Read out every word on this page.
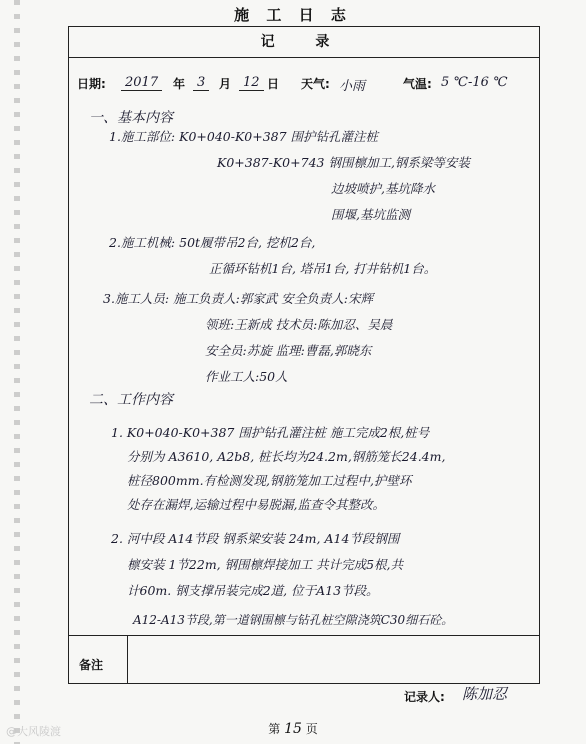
施 工 日 志
记 录
日期:	2017	年 3	月 12 日 天气: 小雨	气温: 5 ℃-16 ℃
一、基本内容
1.施工部位: K0+040-K0+387 围护钻孔灌注桩
K0+387-K0+743 钢围檩加工,钢系梁等安装
边坡喷护,基坑降水
围堰,基坑监测
2.施工机械: 50t履带吊2台, 挖机2台,
正循环钻机1台, 塔吊1台, 打井钻机1台。
3.施工人员: 施工负责人:郭家武 安全负责人:宋辉
领班:王新成 技术员:陈加忍、吴晨
安全员:苏旋 监理:曹磊,郭晓东
作业工人:50人
二、工作内容
1. K0+040-K0+387 围护钻孔灌注桩 施工完成2根,桩号
分别为 A3610, A2b8, 桩长均为24.2m,钢筋笼长24.4m,
桩径800mm.有检测发现,钢筋笼加工过程中,护壁环
处存在漏焊,运输过程中易脱漏,监查令其整改。
2. 河中段 A14节段 钢系梁安装 24m, A14节段钢围
檩安装 1节22m, 钢围檩焊接加工 共计完成5根,共
计60m. 钢支撑吊装完成2道, 位于A13节段。
A12-A13节段,第一道钢围檩与钻孔桩空隙浇筑C30细石砼。
备注
记录人: 陈加忍
第 15 页
@大风陵渡
